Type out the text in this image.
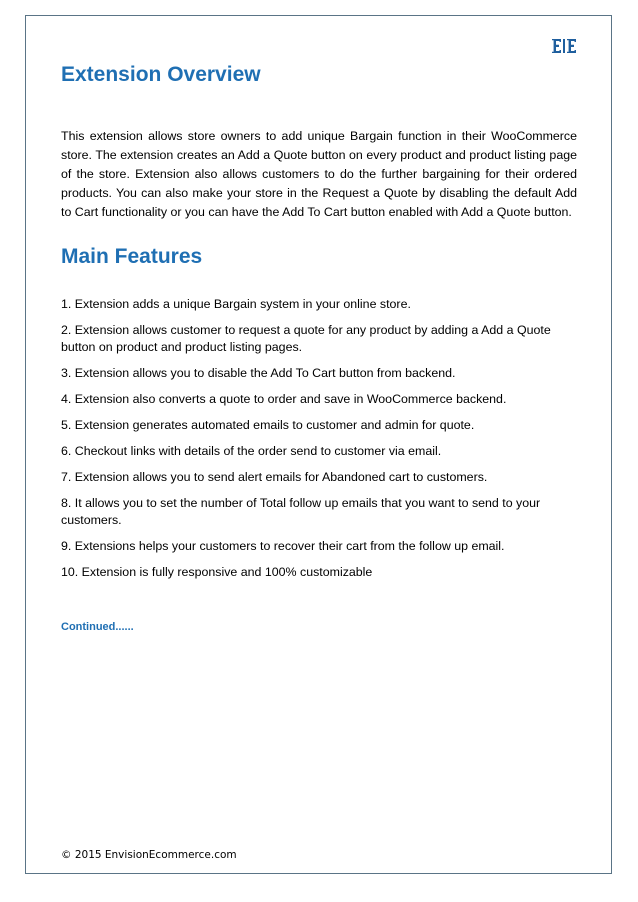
Extension Overview

This extension allows store owners to add unique Bargain function in their WooCommerce store. The extension creates an Add a Quote button on every product and product listing page of the store. Extension also allows customers to do the further bargaining for their ordered products. You can also make your store in the Request a Quote by disabling the default Add to Cart functionality or you can have the Add To Cart button enabled with Add a Quote button.

Main Features
1. Extension adds a unique Bargain system in your online store.
2. Extension allows customer to request a quote for any product by adding a Add a Quote button on product and product listing pages.
3. Extension allows you to disable the Add To Cart button from backend.
4. Extension also converts a quote to order and save in WooCommerce backend.
5. Extension generates automated emails to customer and admin for quote.
6. Checkout links with details of the order send to customer via email.
7. Extension allows you to send alert emails for Abandoned cart to customers.
8. It allows you to set the number of Total follow up emails that you want to send to your customers.
9. Extensions helps your customers to recover their cart from the follow up email.
10. Extension is fully responsive and 100% customizable

Continued......

© 2015 EnvisionEcommerce.com
